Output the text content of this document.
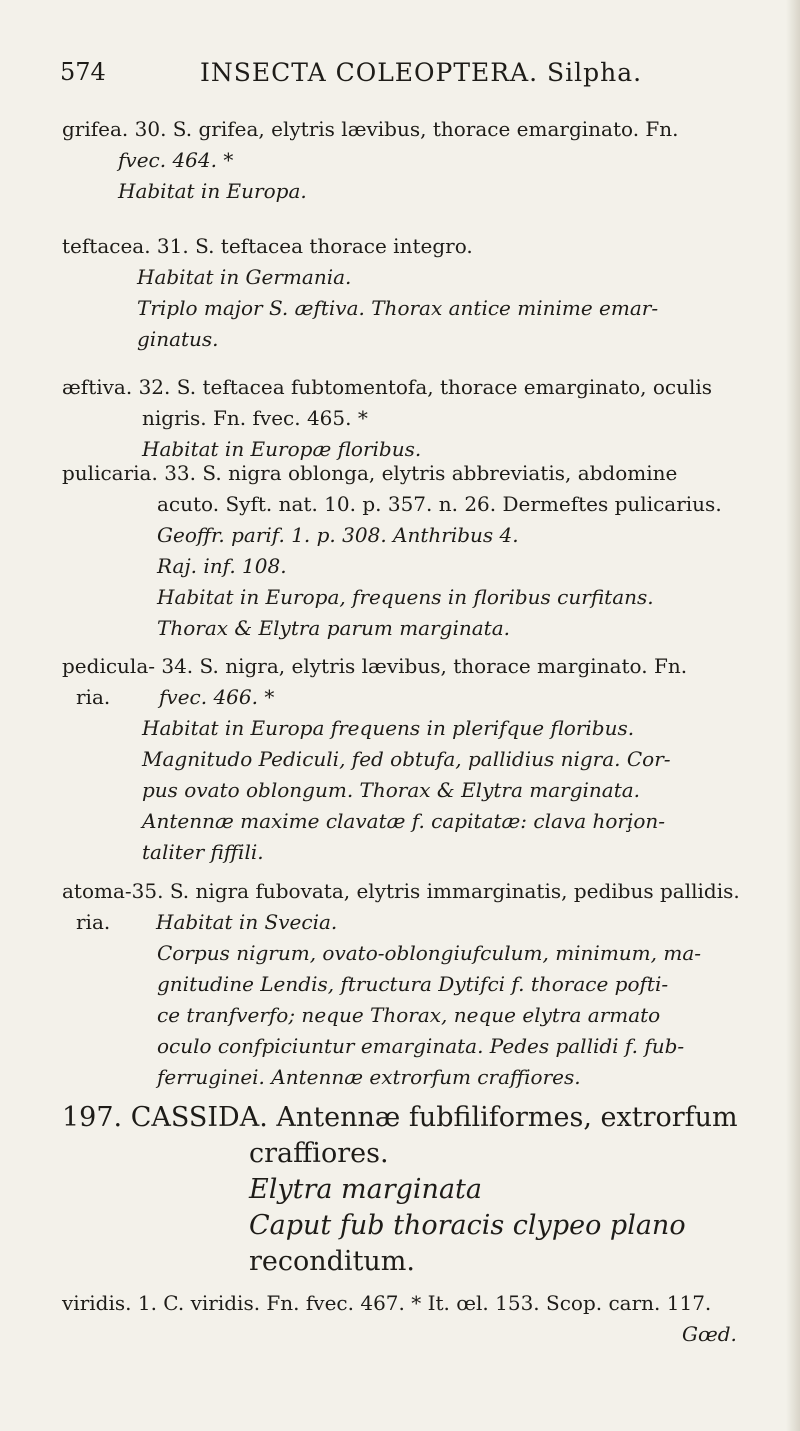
574	INSECTA COLEOPTERA. Silpha.
grifea. 30. S. grifea, elytris lævibus, thorace emarginato. Fn.
fvec. 464. *
Habitat in Europa.
teftacea. 31. S. teftacea thorace integro.
Habitat in Germania.
Triplo major S. æftiva. Thorax antice minime emar-
ginatus.
æftiva. 32. S. teftacea fubtomentofa, thorace emarginato, oculis
nigris. Fn. fvec. 465. *
Habitat in Europæ floribus.
pulicaria. 33. S. nigra oblonga, elytris abbreviatis, abdomine
acuto. Syft. nat. 10. p. 357. n. 26. Dermeftes pulicarius.
Geoffr. parif. 1. p. 308. Anthribus 4.
Raj. inf. 108.
Habitat in Europa, frequens in floribus curfitans.
Thorax & Elytra parum marginata.
pedicula- 34. S. nigra, elytris lævibus, thorace marginato. Fn.
ria. fvec. 466. *
Habitat in Europa frequens in plerifque floribus.
Magnitudo Pediculi, fed obtufa, pallidius nigra. Cor-
pus ovato oblongum. Thorax & Elytra marginata.
Antennæ maxime clavatæ f. capitatæ: clava hori̧on-
taliter fiffili.
atoma-35. S. nigra fubovata, elytris immarginatis, pedibus pallidis.
ria. Habitat in Svecia.
Corpus nigrum, ovato-oblongiufculum, minimum, ma-
gnitudine Lendis, ftructura Dytifci f. thorace pofti-
ce tranfverfo; neque Thorax, neque elytra armato
oculo confpiciuntur emarginata. Pedes pallidi f. fub-
ferruginei. Antennæ extrorfum craffiores.
197. CASSIDA. Antennæ fubfiliformes, extrorfum
craffiores.
Elytra marginata
Caput fub thoracis clypeo plano
reconditum.
viridis. 1. C. viridis. Fn. fvec. 467. * It. œl. 153. Scop. carn. 117.
Gœd.
